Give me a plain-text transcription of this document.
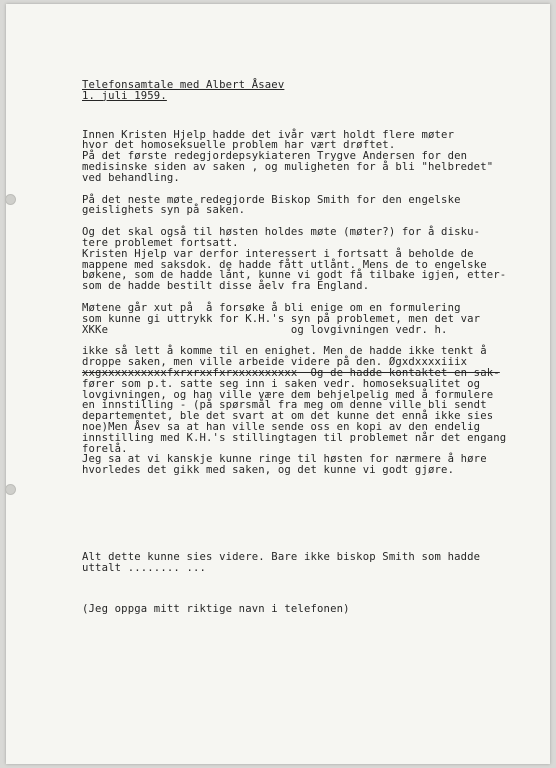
Telefonsamtale med Albert Åsaev
1. juli 1959.
Innen Kristen Hjelp hadde det ivår vært holdt flere møter
hvor det homoseksuelle problem har vært drøftet.
På det første redegjordepsykiateren Trygve Andersen for den
medisinske siden av saken , og muligheten for å bli "helbredet"
ved behandling.
På det neste møte redegjorde Biskop Smith for den engelske
geislighets syn på saken.
Og det skal også til høsten holdes møte (møter?) for å disku-
tere problemet fortsatt.
Kristen Hjelp var derfor interessert i fortsatt å beholde de
mappene med saksdok. de hadde fått utlånt. Mens de to engelske
bøkene, som de hadde lånt, kunne vi godt få tilbake igjen, etter-
som de hadde bestilt disse åelv fra England.
Møtene går xut på  å forsøke å bli enige om en formulering
som kunne gi uttrykk for K.H.'s syn på problemet, men det var
XKKe                            og lovgivningen vedr. h.
ikke så lett å komme til en enighet. Men de hadde ikke tenkt å
droppe saken, men ville arbeide videre på den. Øgxdxxxxiiix
xxgxxxxxxxxxxfxrxrxxfxrxxxxxxxxxx  Og de hadde kontaktet en sak-
fører som p.t. satte seg inn i saken vedr. homoseksualitet og
lovgivningen, og han ville være dem behjelpelig med å formulere
en innstilling - (på spørsmål fra meg om denne ville bli sendt
departementet, ble det svart at om det kunne det ennå ikke sies
noe)Men Åsev sa at han ville sende oss en kopi av den endelig
innstilling med K.H.'s stillingtagen til problemet når det engang
forelå.
Jeg sa at vi kanskje kunne ringe til høsten for nærmere å høre
hvorledes det gikk med saken, og det kunne vi godt gjøre.
Alt dette kunne sies videre. Bare ikke biskop Smith som hadde
uttalt ........ ...
(Jeg oppga mitt riktige navn i telefonen)
